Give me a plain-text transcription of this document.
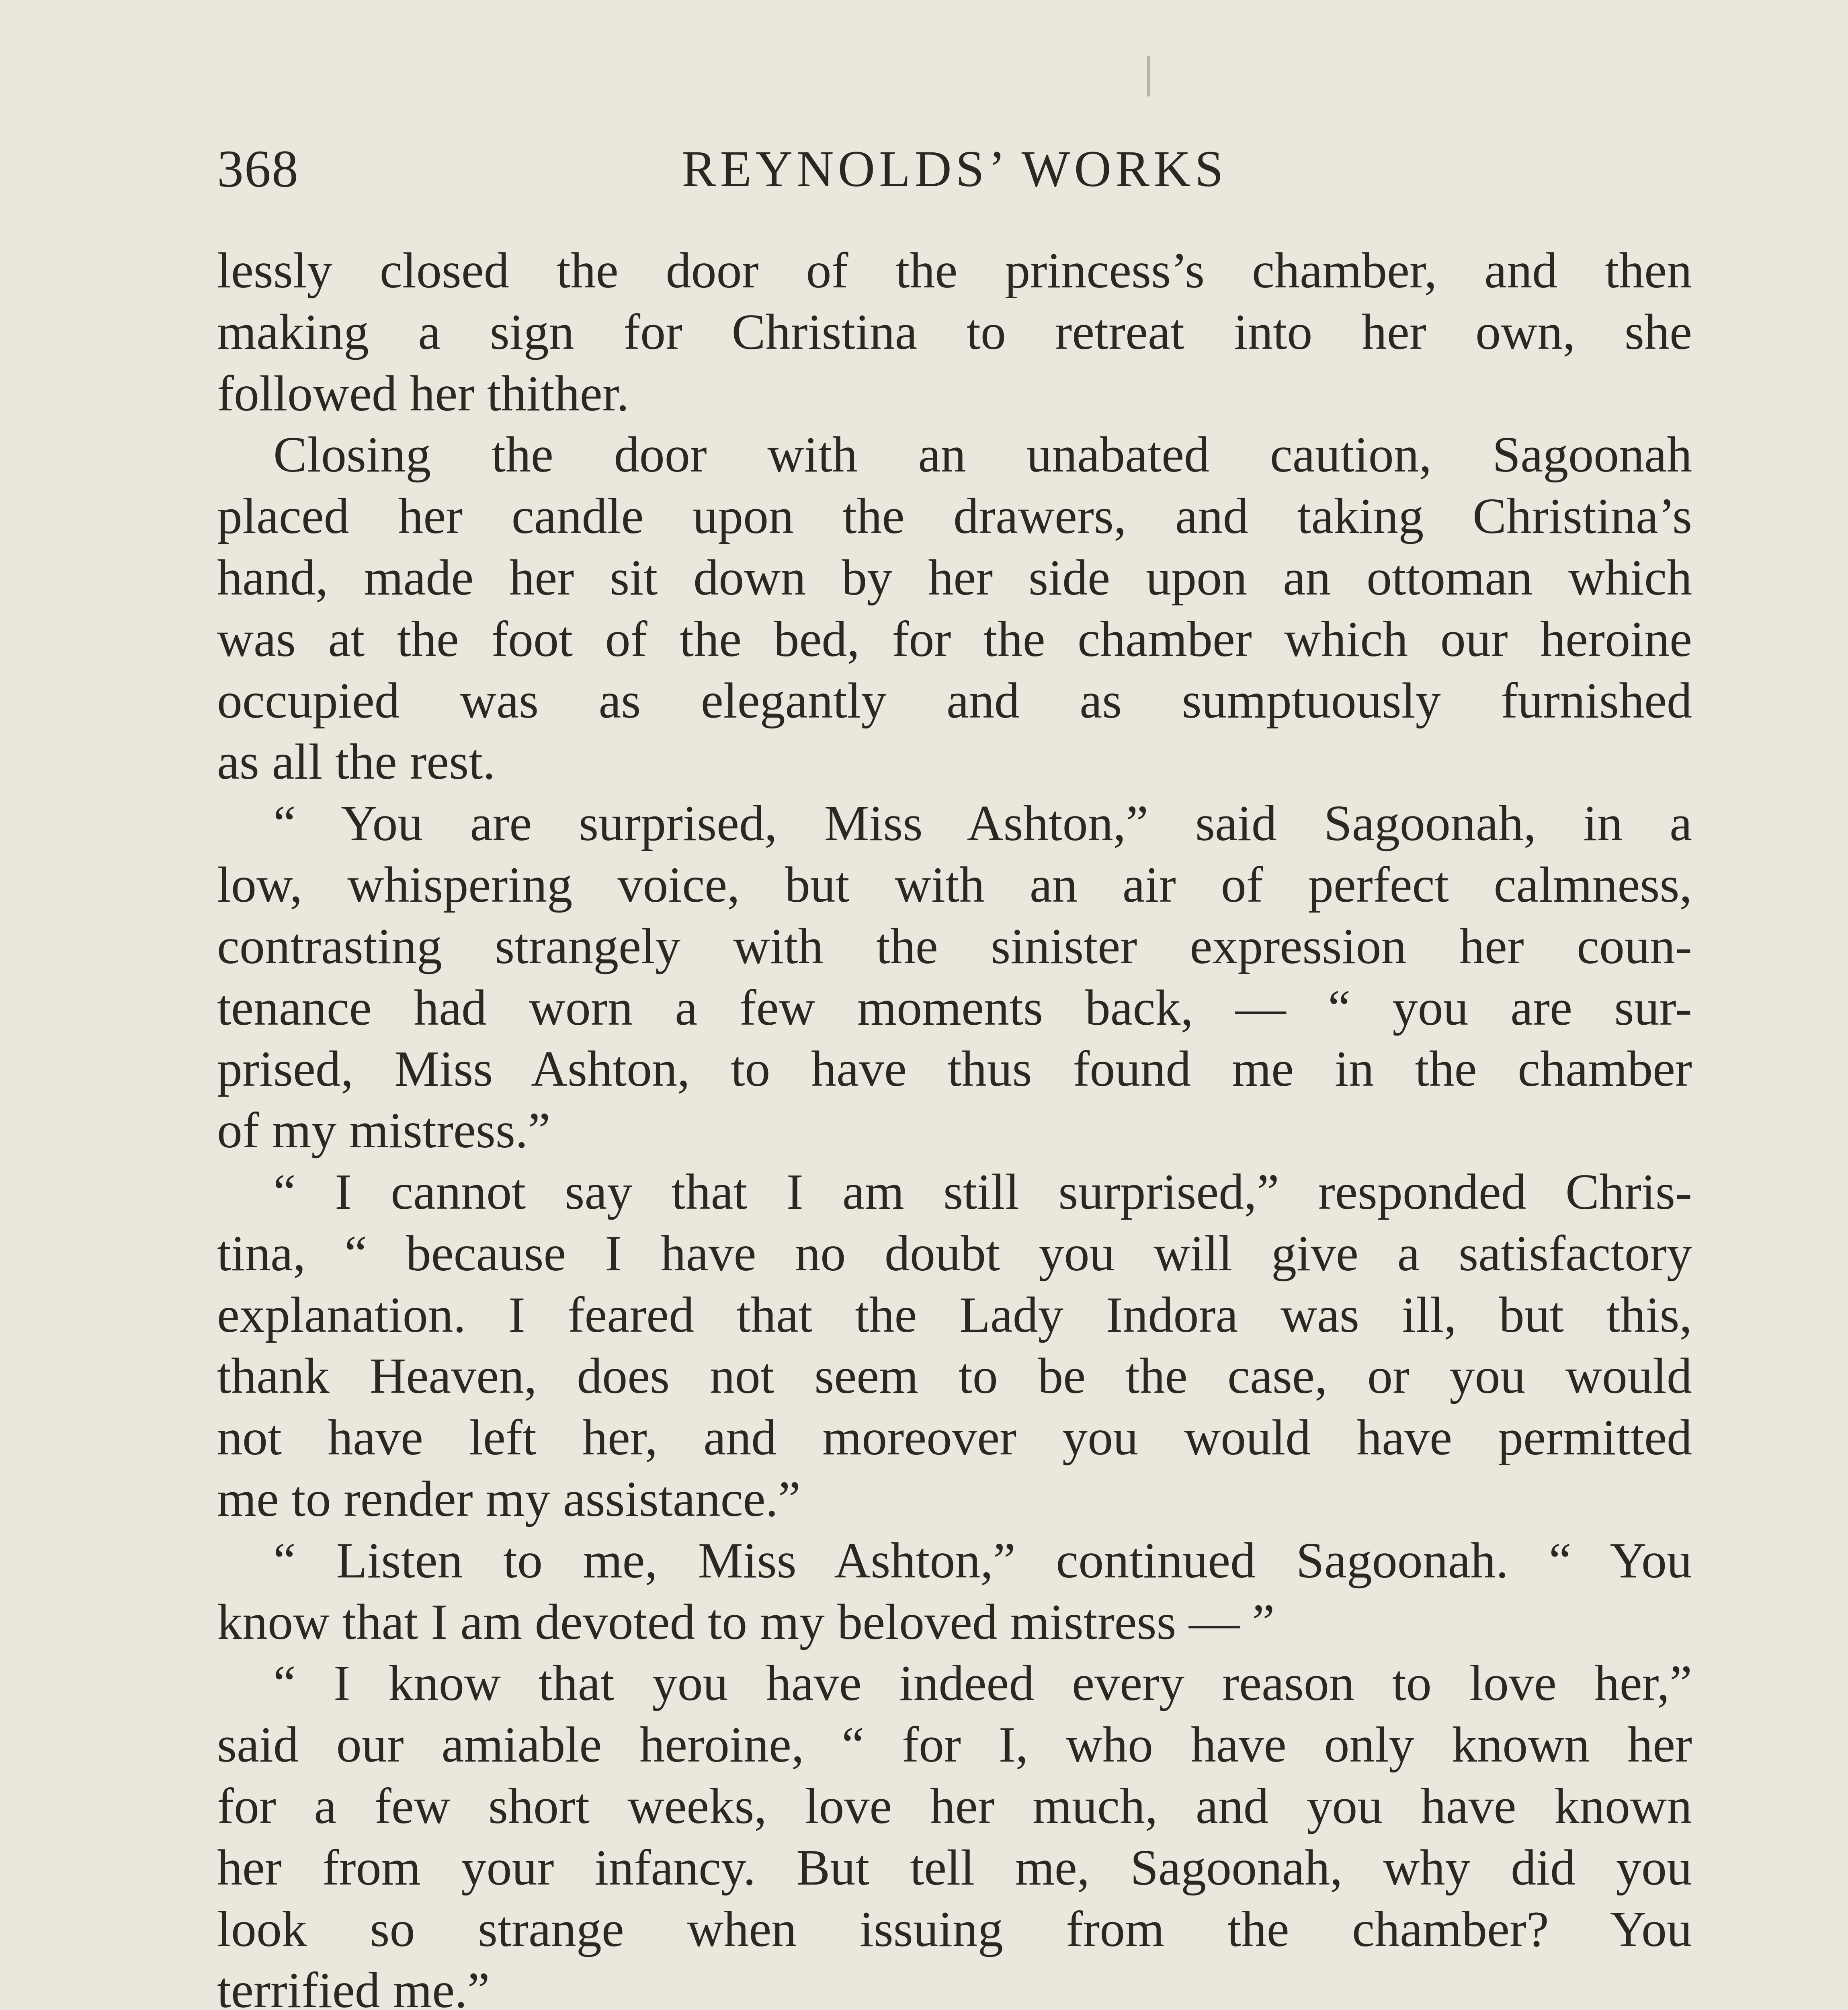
368	REYNOLDS’ WORKS
lessly closed the door of the princess’s chamber, and then
making a sign for Christina to retreat into her own, she
followed her thither.
Closing the door with an unabated caution, Sagoonah
placed her candle upon the drawers, and taking Christina’s
hand, made her sit down by her side upon an ottoman which
was at the foot of the bed, for the chamber which our heroine
occupied was as elegantly and as sumptuously furnished
as all the rest.
“ You are surprised, Miss Ashton,” said Sagoonah, in a
low, whispering voice, but with an air of perfect calmness,
contrasting strangely with the sinister expression her coun-
tenance had worn a few moments back, — “ you are sur-
prised, Miss Ashton, to have thus found me in the chamber
of my mistress.”
“ I cannot say that I am still surprised,” responded Chris-
tina, “ because I have no doubt you will give a satisfactory
explanation. I feared that the Lady Indora was ill, but this,
thank Heaven, does not seem to be the case, or you would
not have left her, and moreover you would have permitted
me to render my assistance.”
“ Listen to me, Miss Ashton,” continued Sagoonah. “ You
know that I am devoted to my beloved mistress — ”
“ I know that you have indeed every reason to love her,”
said our amiable heroine, “ for I, who have only known her
for a few short weeks, love her much, and you have known
her from your infancy. But tell me, Sagoonah, why did you
look so strange when issuing from the chamber? You
terrified me.”
